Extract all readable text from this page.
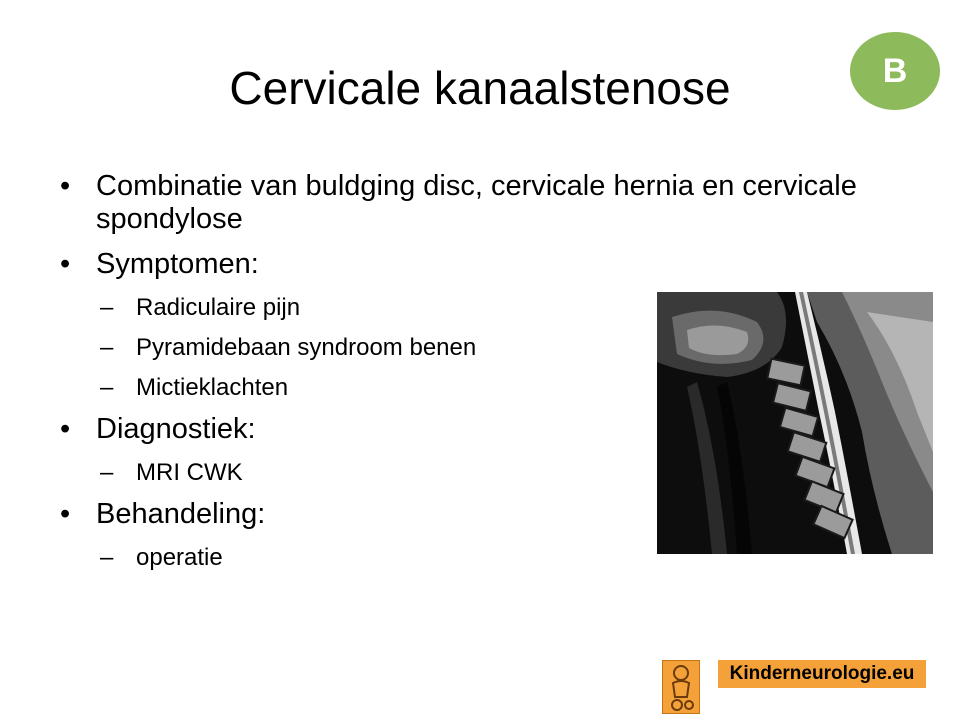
Cervicale kanaalstenose	B
• Combinatie van buldging disc, cervicale hernia en cervicale spondylose
• Symptomen:
– Radiculaire pijn
– Pyramidebaan syndroom benen
– Mictieklachten
• Diagnostiek:
– MRI CWK
• Behandeling:
– operatie
Kinderneurologie.eu
